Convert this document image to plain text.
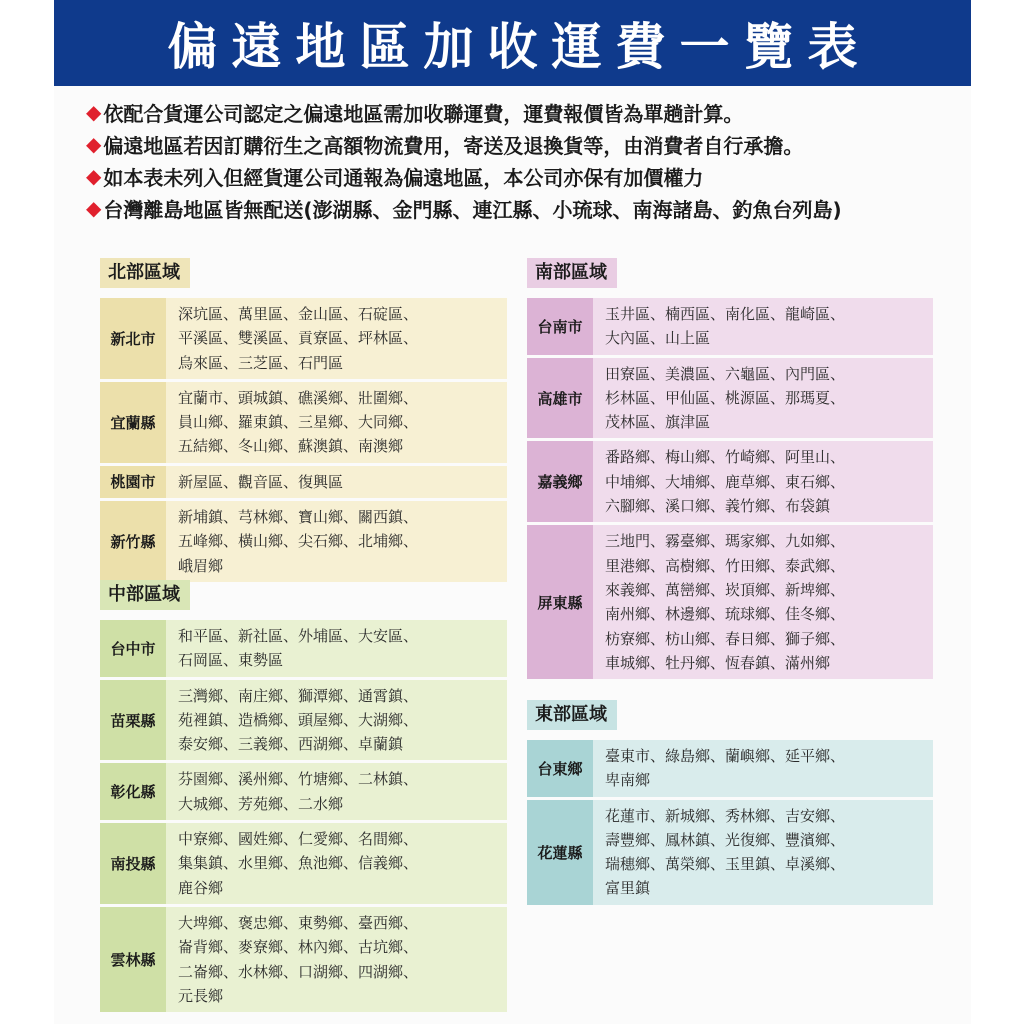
偏遠地區加收運費一覽表
◆ 依配合貨運公司認定之偏遠地區需加收聯運費，運費報價皆為單趟計算。
◆ 偏遠地區若因訂購衍生之高額物流費用，寄送及退換貨等，由消費者自行承擔。
◆ 如本表未列入但經貨運公司通報為偏遠地區，本公司亦保有加價權力
◆ 台灣離島地區皆無配送(澎湖縣、金門縣、連江縣、小琉球、南海諸島、釣魚台列島)
北部區域
新北市
深坑區、萬里區、金山區、石碇區、
平溪區、雙溪區、貢寮區、坪林區、
烏來區、三芝區、石門區
宜蘭縣
宜蘭市、頭城鎮、礁溪鄉、壯圍鄉、
員山鄉、羅東鎮、三星鄉、大同鄉、
五結鄉、冬山鄉、蘇澳鎮、南澳鄉
桃園市	新屋區、觀音區、復興區
新竹縣
新埔鎮、芎林鄉、寶山鄉、關西鎮、
五峰鄉、橫山鄉、尖石鄉、北埔鄉、
峨眉鄉
中部區域
台中市
和平區、新社區、外埔區、大安區、
石岡區、東勢區
苗栗縣
三灣鄉、南庄鄉、獅潭鄉、通霄鎮、
苑裡鎮、造橋鄉、頭屋鄉、大湖鄉、
泰安鄉、三義鄉、西湖鄉、卓蘭鎮
彰化縣
芬園鄉、溪州鄉、竹塘鄉、二林鎮、
大城鄉、芳苑鄉、二水鄉
南投縣
中寮鄉、國姓鄉、仁愛鄉、名間鄉、
集集鎮、水里鄉、魚池鄉、信義鄉、
鹿谷鄉
雲林縣
大埤鄉、褒忠鄉、東勢鄉、臺西鄉、
崙背鄉、麥寮鄉、林內鄉、古坑鄉、
二崙鄉、水林鄉、口湖鄉、四湖鄉、
元長鄉
南部區域
台南市
玉井區、楠西區、南化區、龍崎區、
大內區、山上區
高雄市
田寮區、美濃區、六龜區、內門區、
杉林區、甲仙區、桃源區、那瑪夏、
茂林區、旗津區
嘉義鄉
番路鄉、梅山鄉、竹崎鄉、阿里山、
中埔鄉、大埔鄉、鹿草鄉、東石鄉、
六腳鄉、溪口鄉、義竹鄉、布袋鎮
屏東縣
三地門、霧臺鄉、瑪家鄉、九如鄉、
里港鄉、高樹鄉、竹田鄉、泰武鄉、
來義鄉、萬巒鄉、崁頂鄉、新埤鄉、
南州鄉、林邊鄉、琉球鄉、佳冬鄉、
枋寮鄉、枋山鄉、春日鄉、獅子鄉、
車城鄉、牡丹鄉、恆春鎮、滿州鄉
東部區域
台東鄉
臺東市、綠島鄉、蘭嶼鄉、延平鄉、
卑南鄉
花蓮縣
花蓮市、新城鄉、秀林鄉、吉安鄉、
壽豐鄉、鳳林鎮、光復鄉、豐濱鄉、
瑞穗鄉、萬榮鄉、玉里鎮、卓溪鄉、
富里鎮
